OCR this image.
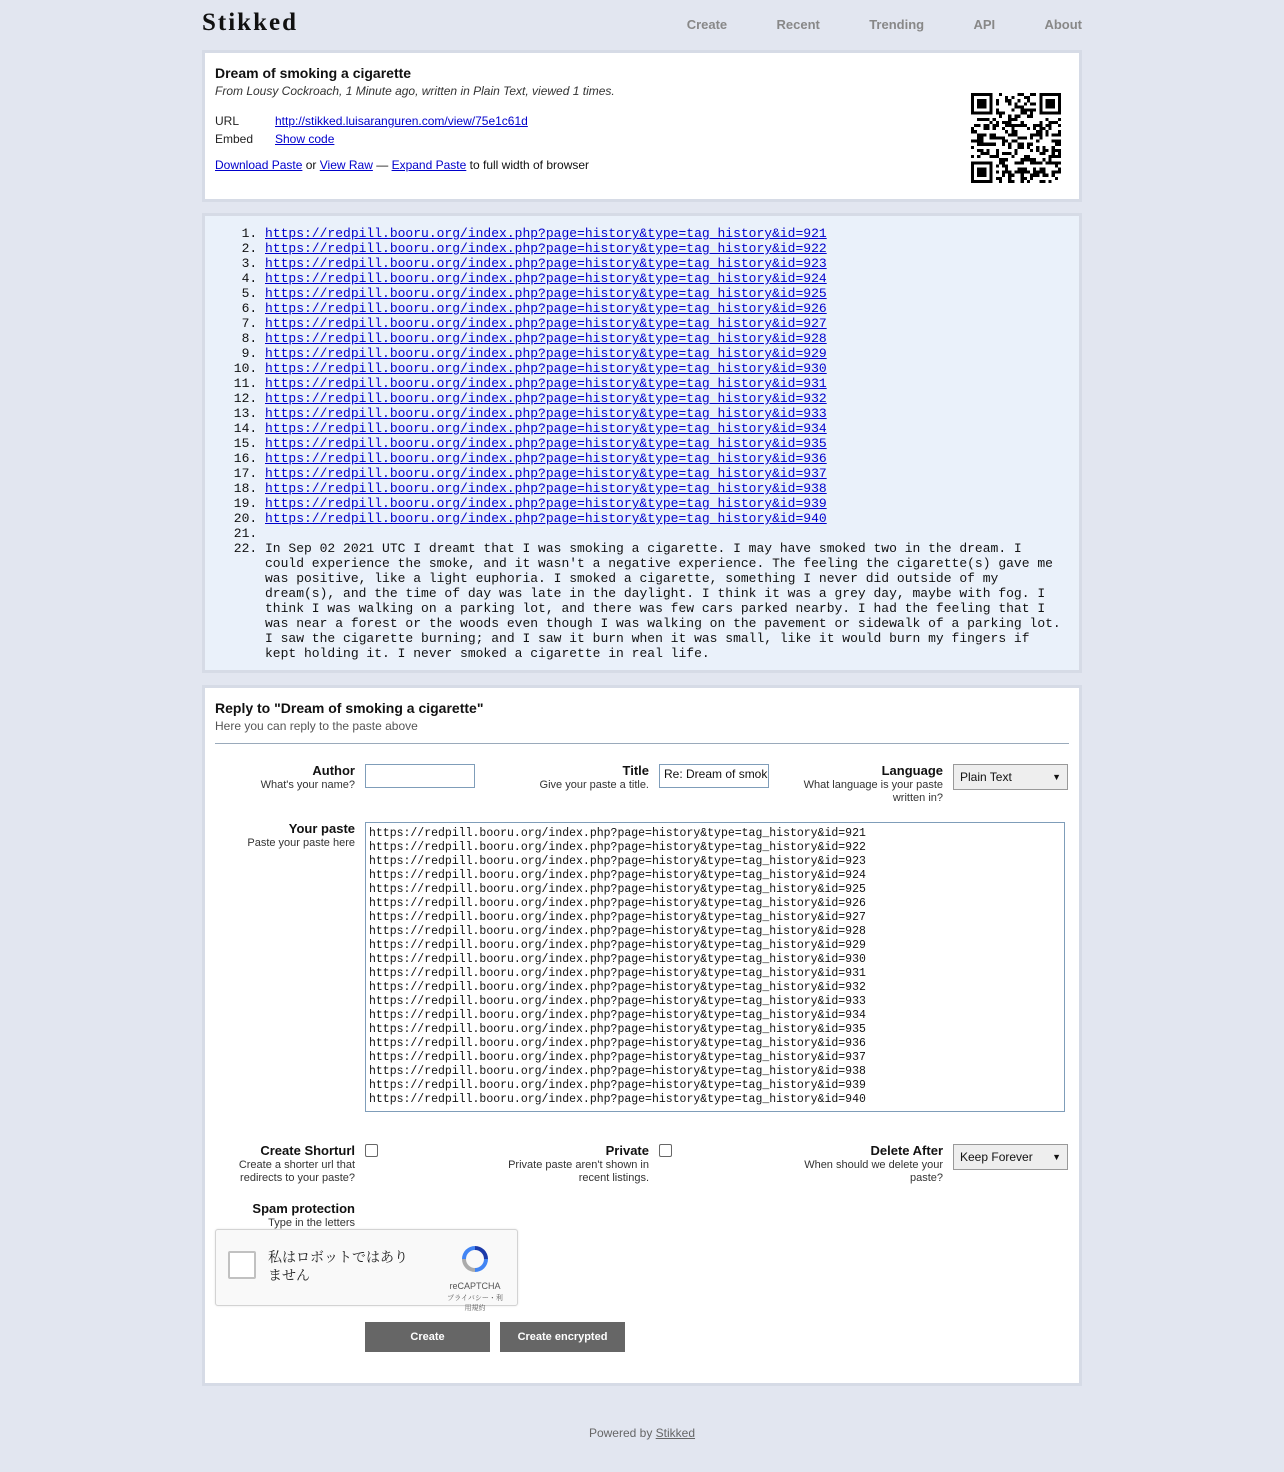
Stikked	Create	Recent	Trending	API	About
Dream of smoking a cigarette
From Lousy Cockroach, 1 Minute ago, written in Plain Text, viewed 1 times.
URL	http://stikked.luisaranguren.com/view/75e1c61d
Embed	Show code
Download Paste or View Raw — Expand Paste to full width of browser
1. https://redpill.booru.org/index.php?page=history&type=tag_history&id=921
2. https://redpill.booru.org/index.php?page=history&type=tag_history&id=922
3. https://redpill.booru.org/index.php?page=history&type=tag_history&id=923
4. https://redpill.booru.org/index.php?page=history&type=tag_history&id=924
5. https://redpill.booru.org/index.php?page=history&type=tag_history&id=925
6. https://redpill.booru.org/index.php?page=history&type=tag_history&id=926
7. https://redpill.booru.org/index.php?page=history&type=tag_history&id=927
8. https://redpill.booru.org/index.php?page=history&type=tag_history&id=928
9. https://redpill.booru.org/index.php?page=history&type=tag_history&id=929
10. https://redpill.booru.org/index.php?page=history&type=tag_history&id=930
11. https://redpill.booru.org/index.php?page=history&type=tag_history&id=931
12. https://redpill.booru.org/index.php?page=history&type=tag_history&id=932
13. https://redpill.booru.org/index.php?page=history&type=tag_history&id=933
14. https://redpill.booru.org/index.php?page=history&type=tag_history&id=934
15. https://redpill.booru.org/index.php?page=history&type=tag_history&id=935
16. https://redpill.booru.org/index.php?page=history&type=tag_history&id=936
17. https://redpill.booru.org/index.php?page=history&type=tag_history&id=937
18. https://redpill.booru.org/index.php?page=history&type=tag_history&id=938
19. https://redpill.booru.org/index.php?page=history&type=tag_history&id=939
20. https://redpill.booru.org/index.php?page=history&type=tag_history&id=940
21.

22. In Sep 02 2021 UTC I dreamt that I was smoking a cigarette. I may have smoked two in the dream. I could experience the smoke, and it wasn't a negative experience. The feeling the cigarette(s) gave me was positive, like a light euphoria. I smoked a cigarette, something I never did outside of my dream(s), and the time of day was late in the daylight. I think it was a grey day, maybe with fog. I think I was walking on a parking lot, and there was few cars parked nearby. I had the feeling that I was near a forest or the woods even though I was walking on the pavement or sidewalk of a parking lot. I saw the cigarette burning; and I saw it burn when it was small, like it would burn my fingers if kept holding it. I never smoked a cigarette in real life.
Reply to "Dream of smoking a cigarette"
Here you can reply to the paste above
Author
What's your name?
Title
Give your paste a title.
Re: Dream of smok	Language
What language is your paste written in?
Plain Text	▼
Your paste
Paste your paste here
https://redpill.booru.org/index.php?page=history&type=tag_history&id=921
https://redpill.booru.org/index.php?page=history&type=tag_history&id=922
https://redpill.booru.org/index.php?page=history&type=tag_history&id=923
https://redpill.booru.org/index.php?page=history&type=tag_history&id=924
https://redpill.booru.org/index.php?page=history&type=tag_history&id=925
https://redpill.booru.org/index.php?page=history&type=tag_history&id=926
https://redpill.booru.org/index.php?page=history&type=tag_history&id=927
https://redpill.booru.org/index.php?page=history&type=tag_history&id=928
https://redpill.booru.org/index.php?page=history&type=tag_history&id=929
https://redpill.booru.org/index.php?page=history&type=tag_history&id=930
https://redpill.booru.org/index.php?page=history&type=tag_history&id=931
https://redpill.booru.org/index.php?page=history&type=tag_history&id=932
https://redpill.booru.org/index.php?page=history&type=tag_history&id=933
https://redpill.booru.org/index.php?page=history&type=tag_history&id=934
https://redpill.booru.org/index.php?page=history&type=tag_history&id=935
https://redpill.booru.org/index.php?page=history&type=tag_history&id=936
https://redpill.booru.org/index.php?page=history&type=tag_history&id=937
https://redpill.booru.org/index.php?page=history&type=tag_history&id=938
https://redpill.booru.org/index.php?page=history&type=tag_history&id=939
https://redpill.booru.org/index.php?page=history&type=tag_history&id=940
Create Shorturl
Create a shorter url that redirects to your paste?
Private
Private paste aren't shown in recent listings.
Delete After
When should we delete your paste?
Keep Forever ▼
Spam protection
Type in the letters
私はロボットではありません
reCAPTCHA
プライバシー・利用規約
Create	Create encrypted
Powered by Stikked
